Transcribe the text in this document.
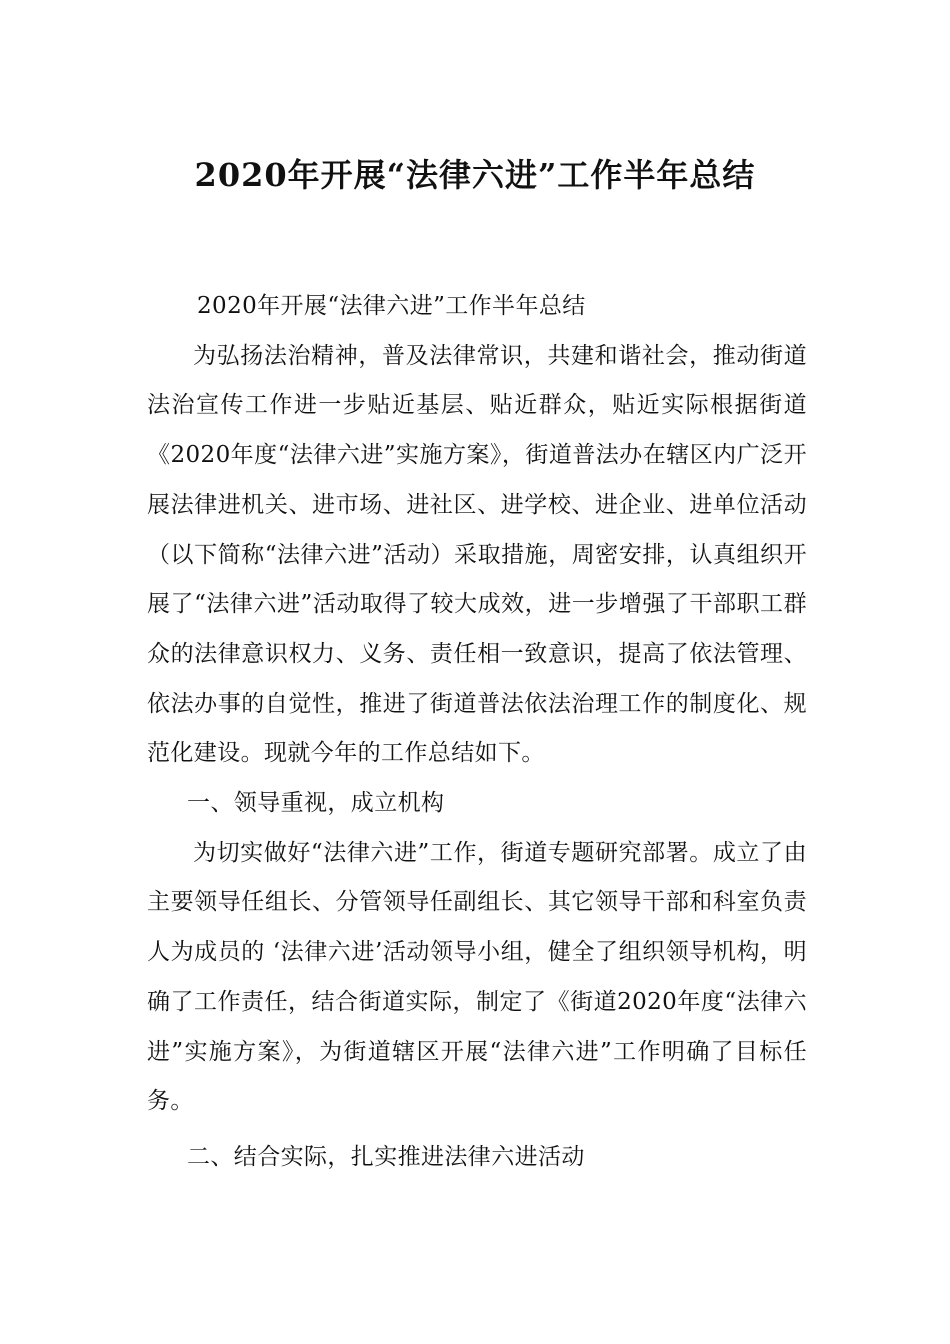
2020年开展“法律六进”工作半年总结

2020年开展“法律六进”工作半年总结

为弘扬法治精神，普及法律常识，共建和谐社会，推动街道法治宣传工作进一步贴近基层、贴近群众，贴近实际根据街道《2020年度“法律六进”实施方案》，街道普法办在辖区内广泛开展法律进机关、进市场、进社区、进学校、进企业、进单位活动（以下简称“法律六进”活动）采取措施，周密安排，认真组织开展了“法律六进”活动取得了较大成效，进一步增强了干部职工群众的法律意识权力、义务、责任相一致意识，提高了依法管理、依法办事的自觉性，推进了街道普法依法治理工作的制度化、规范化建设。现就今年的工作总结如下。

一、领导重视，成立机构

为切实做好“法律六进”工作，街道专题研究部署。成立了由主要领导任组长、分管领导任副组长、其它领导干部和科室负责人为成员的 ‘法律六进’活动领导小组，健全了组织领导机构，明确了工作责任，结合街道实际，制定了《街道2020年度“法律六进”实施方案》，为街道辖区开展“法律六进”工作明确了目标任务。

二、结合实际，扎实推进法律六进活动
